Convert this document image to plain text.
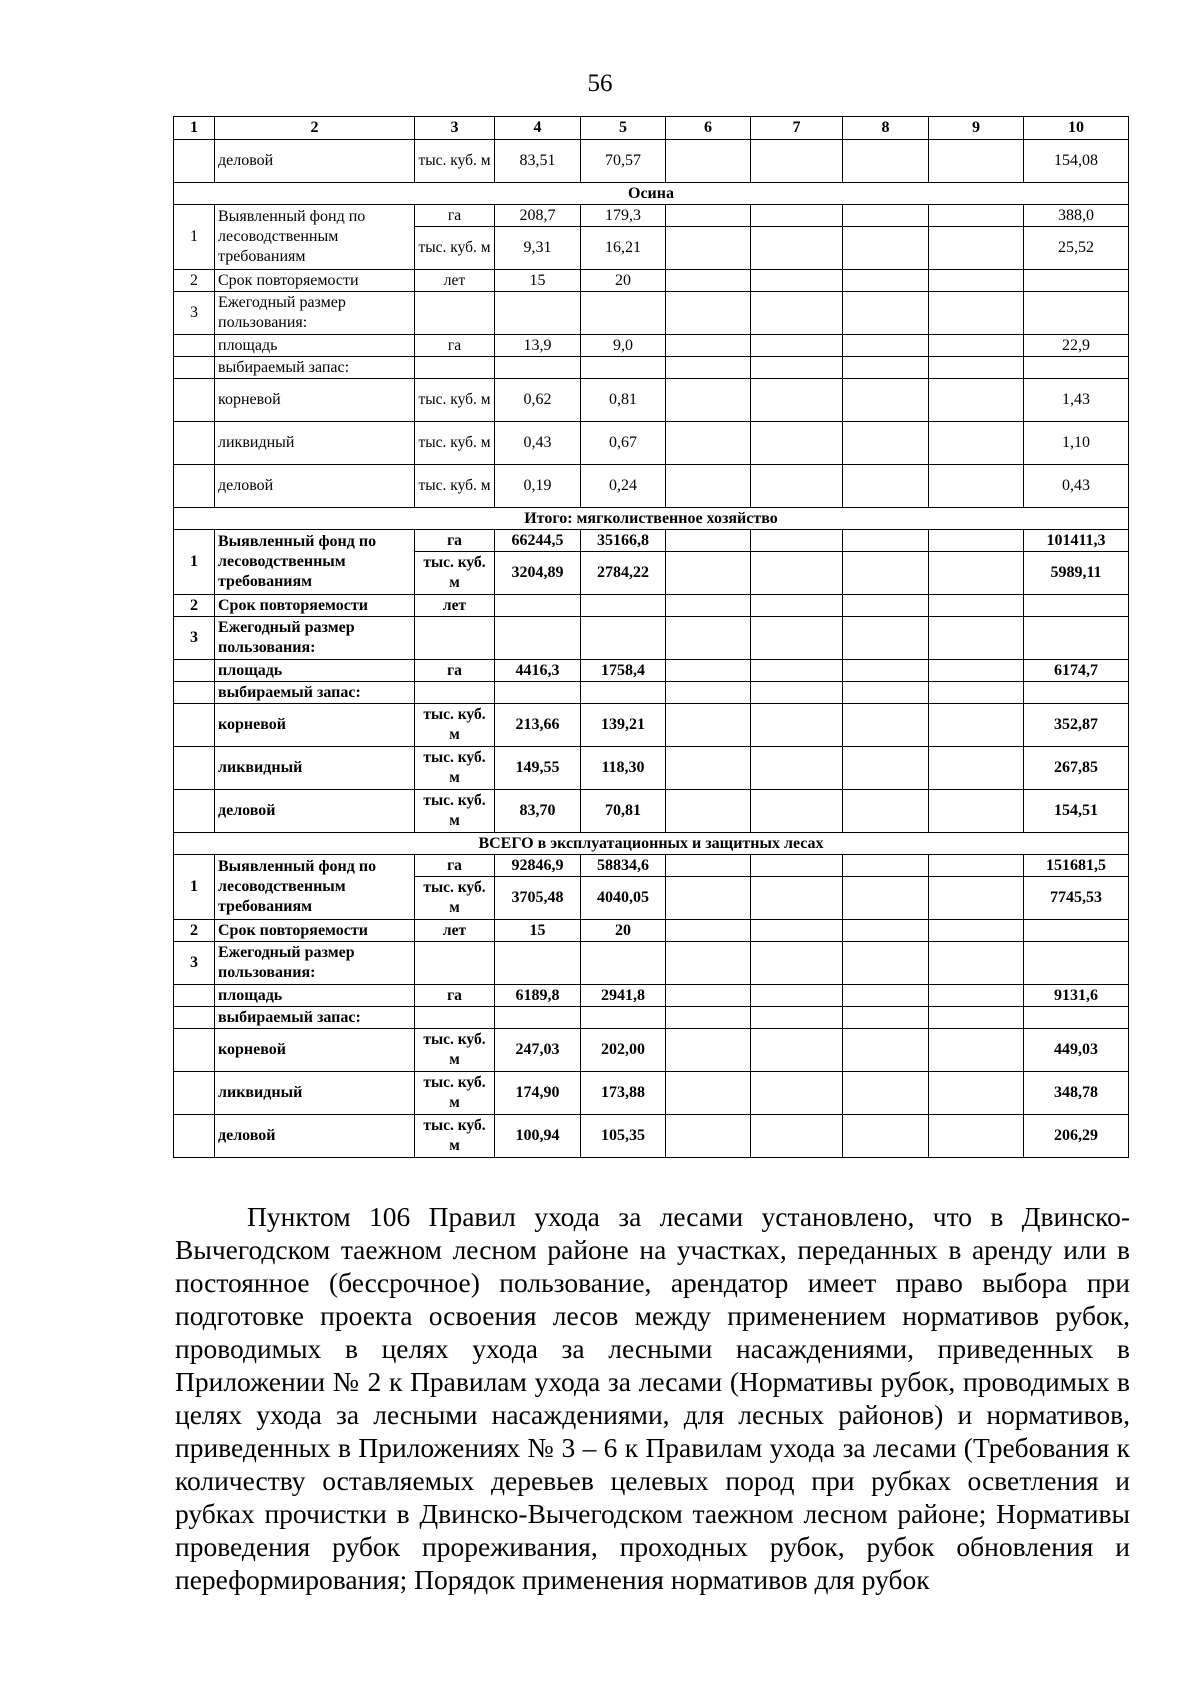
56
1	2	3	4	5	6	7	8	9	10
	деловой	тыс. куб. м	83,51	70,57					154,08
Осина									
1	Выявленный фонд по лесоводственным требованиям	га	208,7	179,3					388,0
		тыс. куб. м	9,31	16,21					25,52
2	Срок повторяемости	лет	15	20					
3	Ежегодный размер пользования:								
	площадь	га	13,9	9,0					22,9
	выбираемый запас:								
	корневой	тыс. куб. м	0,62	0,81					1,43
	ликвидный	тыс. куб. м	0,43	0,67					1,10
	деловой	тыс. куб. м	0,19	0,24					0,43
Итого: мягколиственное хозяйство									
1	Выявленный фонд по лесоводственным требованиям	га	66244,5	35166,8					101411,3
		тыс. куб. м	3204,89	2784,22					5989,11
2	Срок повторяемости	лет							
3	Ежегодный размер пользования:								
	площадь	га	4416,3	1758,4					6174,7
	выбираемый запас:								
	корневой	тыс. куб. м	213,66	139,21					352,87
	ликвидный	тыс. куб. м	149,55	118,30					267,85
	деловой	тыс. куб. м	83,70	70,81					154,51
ВСЕГО в эксплуатационных и защитных лесах									
1	Выявленный фонд по лесоводственным требованиям	га	92846,9	58834,6					151681,5
		тыс. куб. м	3705,48	4040,05					7745,53
2	Срок повторяемости	лет	15	20					
3	Ежегодный размер пользования:								
	площадь	га	6189,8	2941,8					9131,6
	выбираемый запас:								
	корневой	тыс. куб. м	247,03	202,00					449,03
	ликвидный	тыс. куб. м	174,90	173,88					348,78
	деловой	тыс. куб. м	100,94	105,35					206,29

Пунктом 106 Правил ухода за лесами установлено, что в Двинско-Вычегодском таежном лесном районе на участках, переданных в аренду или в постоянное (бессрочное) пользование, арендатор имеет право выбора при подготовке проекта освоения лесов между применением нормативов рубок, проводимых в целях ухода за лесными насаждениями, приведенных в Приложении № 2 к Правилам ухода за лесами (Нормативы рубок, проводимых в целях ухода за лесными насаждениями, для лесных районов) и нормативов, приведенных в Приложениях № 3 – 6 к Правилам ухода за лесами (Требования к количеству оставляемых деревьев целевых пород при рубках осветления и рубках прочистки в Двинско-Вычегодском таежном лесном районе; Нормативы проведения рубок прореживания, проходных рубок, рубок обновления и переформирования; Порядок применения нормативов для рубок
